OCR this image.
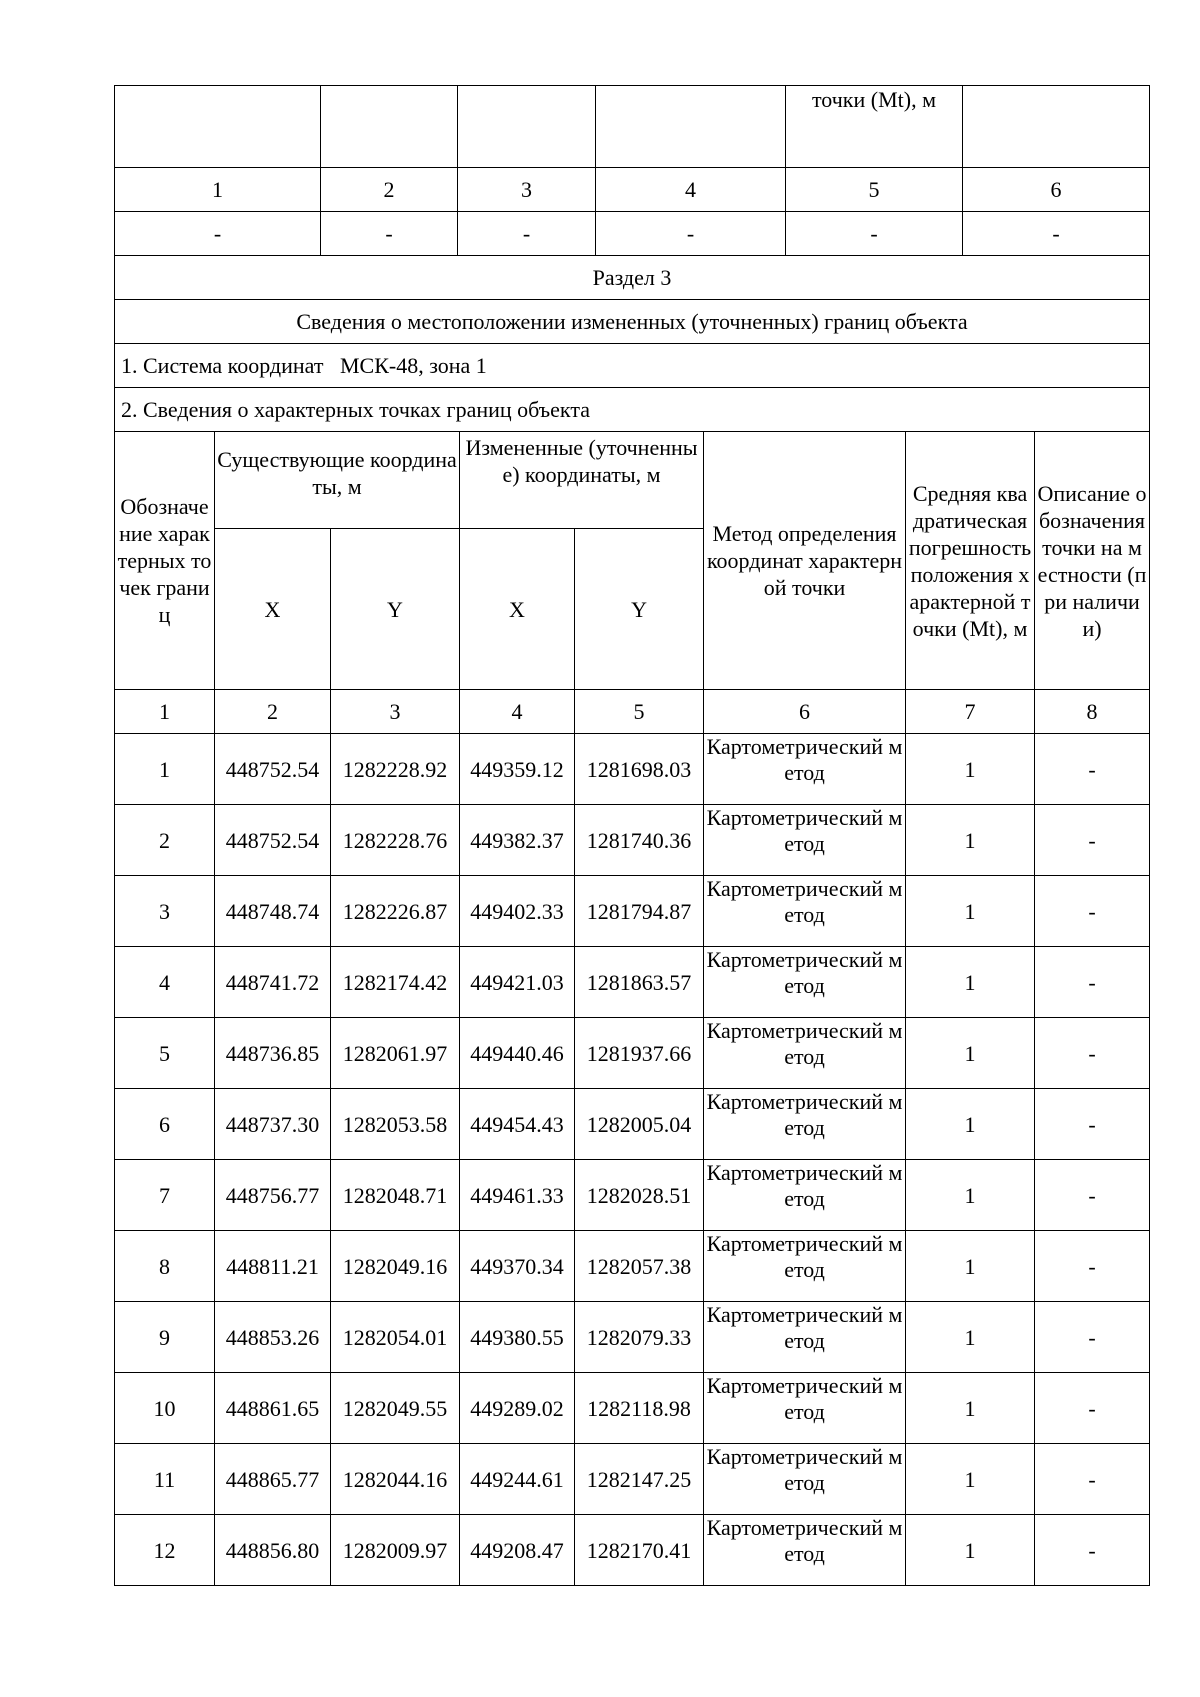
				точки (Mt), м	
1	2	3	4	5	6
-	-	-	-	-	-
Раздел 3					
Сведения о местоположении измененных (уточненных) границ объекта					
1. Система координат   МСК-48, зона 1					
2. Сведения о характерных точках границ объекта					
Обозначение характерных точек границ	Существующие координаты, м		Измененные (уточненные) координаты, м		Метод определения координат характерной точки	Средняя квадратическая погрешность положения характерной точки (Mt), м	Описание обозначения точки на местности (при наличии)
	X	Y	X	Y			
1	2	3	4	5	6	7	8
1	448752.54	1282228.92	449359.12	1281698.03	Картометрический метод	1	-
2	448752.54	1282228.76	449382.37	1281740.36	Картометрический метод	1	-
3	448748.74	1282226.87	449402.33	1281794.87	Картометрический метод	1	-
4	448741.72	1282174.42	449421.03	1281863.57	Картометрический метод	1	-
5	448736.85	1282061.97	449440.46	1281937.66	Картометрический метод	1	-
6	448737.30	1282053.58	449454.43	1282005.04	Картометрический метод	1	-
7	448756.77	1282048.71	449461.33	1282028.51	Картометрический метод	1	-
8	448811.21	1282049.16	449370.34	1282057.38	Картометрический метод	1	-
9	448853.26	1282054.01	449380.55	1282079.33	Картометрический метод	1	-
10	448861.65	1282049.55	449289.02	1282118.98	Картометрический метод	1	-
11	448865.77	1282044.16	449244.61	1282147.25	Картометрический метод	1	-
12	448856.80	1282009.97	449208.47	1282170.41	Картометрический метод	1	-
